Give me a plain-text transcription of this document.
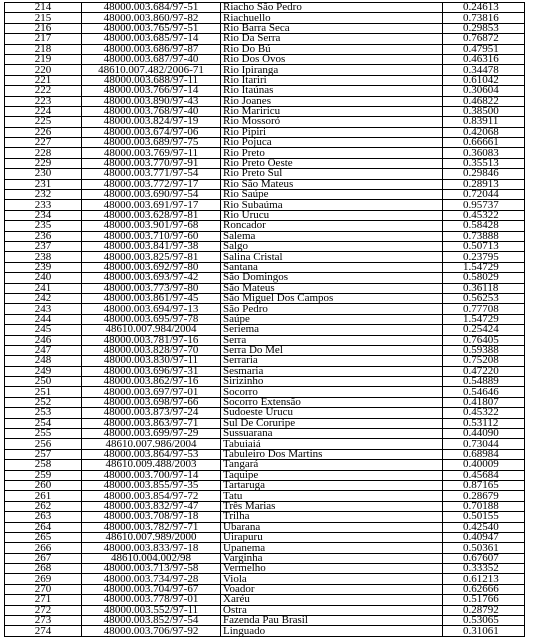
214	48000.003.684/97-51	Riacho São Pedro	0.24613
215	48000.003.860/97-82	Riachuello	0.73816
216	48000.003.765/97-51	Rio Barra Seca	0.29853
217	48000.003.685/97-14	Rio Da Serra	0.76872
218	48000.003.686/97-87	Rio Do Bú	0.47951
219	48000.003.687/97-40	Rio Dos Ovos	0.46316
220	48610.007.482/2006-71	Rio Ipiranga	0.34478
221	48000.003.688/97-11	Rio Itariri	0.61042
222	48000.003.766/97-14	Rio Itaúnas	0.30604
223	48000.003.890/97-43	Rio Joanes	0.46822
224	48000.003.768/97-40	Rio Mariricu	0.38500
225	48000.003.824/97-19	Rio Mossoró	0.83911
226	48000.003.674/97-06	Rio Pipiri	0.42068
227	48000.003.689/97-75	Rio Pojuca	0.66661
228	48000.003.769/97-11	Rio Preto	0.36083
229	48000.003.770/97-91	Rio Preto Oeste	0.35513
230	48000.003.771/97-54	Rio Preto Sul	0.29846
231	48000.003.772/97-17	Rio São Mateus	0.28913
232	48000.003.690/97-54	Rio Saúpe	0.72044
233	48000.003.691/97-17	Rio Subaúma	0.95737
234	48000.003.628/97-81	Rio Urucu	0.45322
235	48000.003.901/97-68	Roncador	0.58428
236	48000.003.710/97-60	Salema	0.73888
237	48000.003.841/97-38	Salgo	0.50713
238	48000.003.825/97-81	Salina Cristal	0.23795
239	48000.003.692/97-80	Santana	1.54729
240	48000.003.693/97-42	São Domingos	0.58029
241	48000.003.773/97-80	São Mateus	0.36118
242	48000.003.861/97-45	São Miguel Dos Campos	0.56253
243	48000.003.694/97-13	São Pedro	0.77708
244	48000.003.695/97-78	Saúpe	1.54729
245	48610.007.984/2004	Seriema	0.25424
246	48000.003.781/97-16	Serra	0.76405
247	48000.003.828/97-70	Serra Do Mel	0.59388
248	48000.003.830/97-11	Serraria	0.75208
249	48000.003.696/97-31	Sesmaria	0.47220
250	48000.003.862/97-16	Sirizinho	0.54889
251	48000.003.697/97-01	Socorro	0.54646
252	48000.003.698/97-66	Socorro Extensão	0.41807
253	48000.003.873/97-24	Sudoeste Urucu	0.45322
254	48000.003.863/97-71	Sul De Coruripe	0.53112
255	48000.003.699/97-29	Sussuarana	0.44090
256	48610.007.986/2004	Tabuiaiá	0.73044
257	48000.003.864/97-53	Tabuleiro Dos Martins	0.68984
258	48610.009.488/2003	Tangará	0.40009
259	48000.003.700/97-14	Taquipe	0.45684
260	48000.003.855/97-35	Tartaruga	0.87165
261	48000.003.854/97-72	Tatu	0.28679
262	48000.003.832/97-47	Três Marias	0.70188
263	48000.003.708/97-18	Trilha	0.50155
264	48000.003.782/97-71	Ubarana	0.42540
265	48610.007.989/2000	Uirapuru	0.40947
266	48000.003.833/97-18	Upanema	0.50361
267	48610.004.002/98	Varginha	0.67607
268	48000.003.713/97-58	Vermelho	0.33352
269	48000.003.734/97-28	Viola	0.61213
270	48000.003.704/97-67	Voador	0.62666
271	48000.003.778/97-01	Xaréu	0.51766
272	48000.003.552/97-11	Ostra	0.28792
273	48000.003.852/97-54	Fazenda Pau Brasil	0.53065
274	48000.003.706/97-92	Linguado	0.31061
